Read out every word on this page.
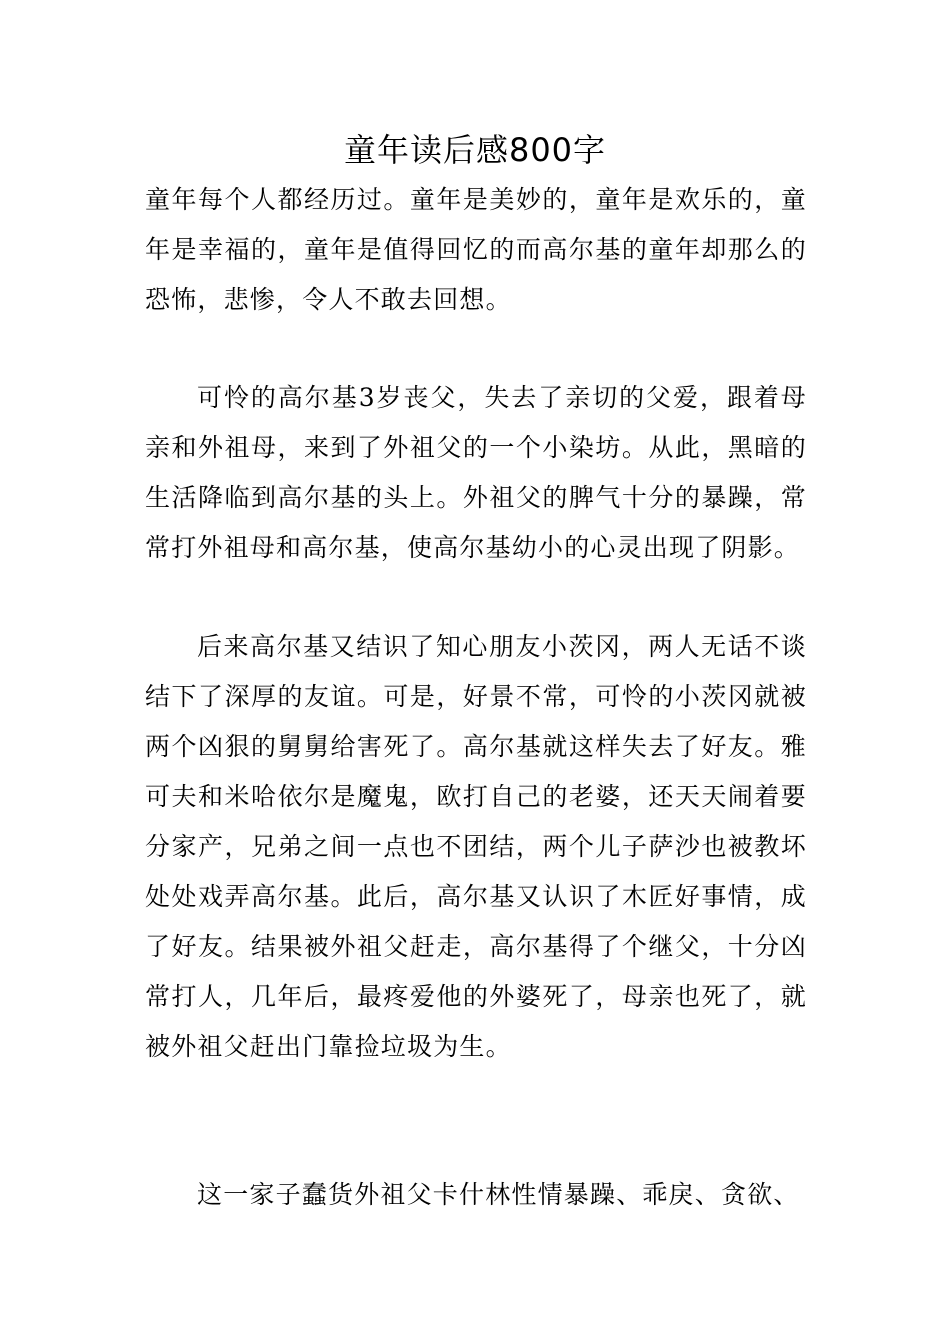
童年读后感800字

童年每个人都经历过。童年是美妙的，童年是欢乐的，童年是幸福的，童年是值得回忆的而高尔基的童年却那么的恐怖，悲惨，令人不敢去回想。

可怜的高尔基3岁丧父，失去了亲切的父爱，跟着母亲和外祖母，来到了外祖父的一个小染坊。从此，黑暗的生活降临到高尔基的头上。外祖父的脾气十分的暴躁，常常打外祖母和高尔基，使高尔基幼小的心灵出现了阴影。

后来高尔基又结识了知心朋友小茨冈，两人无话不谈结下了深厚的友谊。可是，好景不常，可怜的小茨冈就被两个凶狠的舅舅给害死了。高尔基就这样失去了好友。雅可夫和米哈依尔是魔鬼，欧打自己的老婆，还天天闹着要分家产，兄弟之间一点也不团结，两个儿子萨沙也被教坏处处戏弄高尔基。此后，高尔基又认识了木匠好事情，成了好友。结果被外祖父赶走，高尔基得了个继父，十分凶常打人，几年后，最疼爱他的外婆死了，母亲也死了，就被外祖父赶出门靠捡垃圾为生。

这一家子蠢货外祖父卡什林性情暴躁、乖戾、贪欲、
